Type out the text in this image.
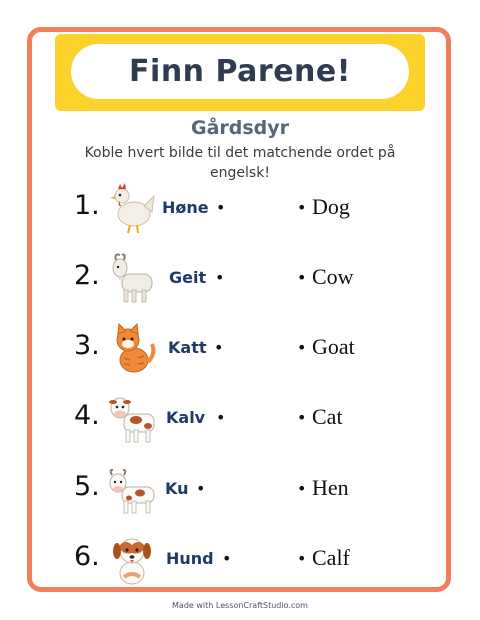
Finn Parene!
Gårdsdyr
Koble hvert bilde til det matchende ordet på engelsk!
1.	Høne •	• Dog
2.	Geit •	• Cow
3.	Katt •	• Goat
4.	Kalv •	• Cat
5.	Ku •	• Hen
6.	Hund •	• Calf
Made with LessonCraftStudio.com
